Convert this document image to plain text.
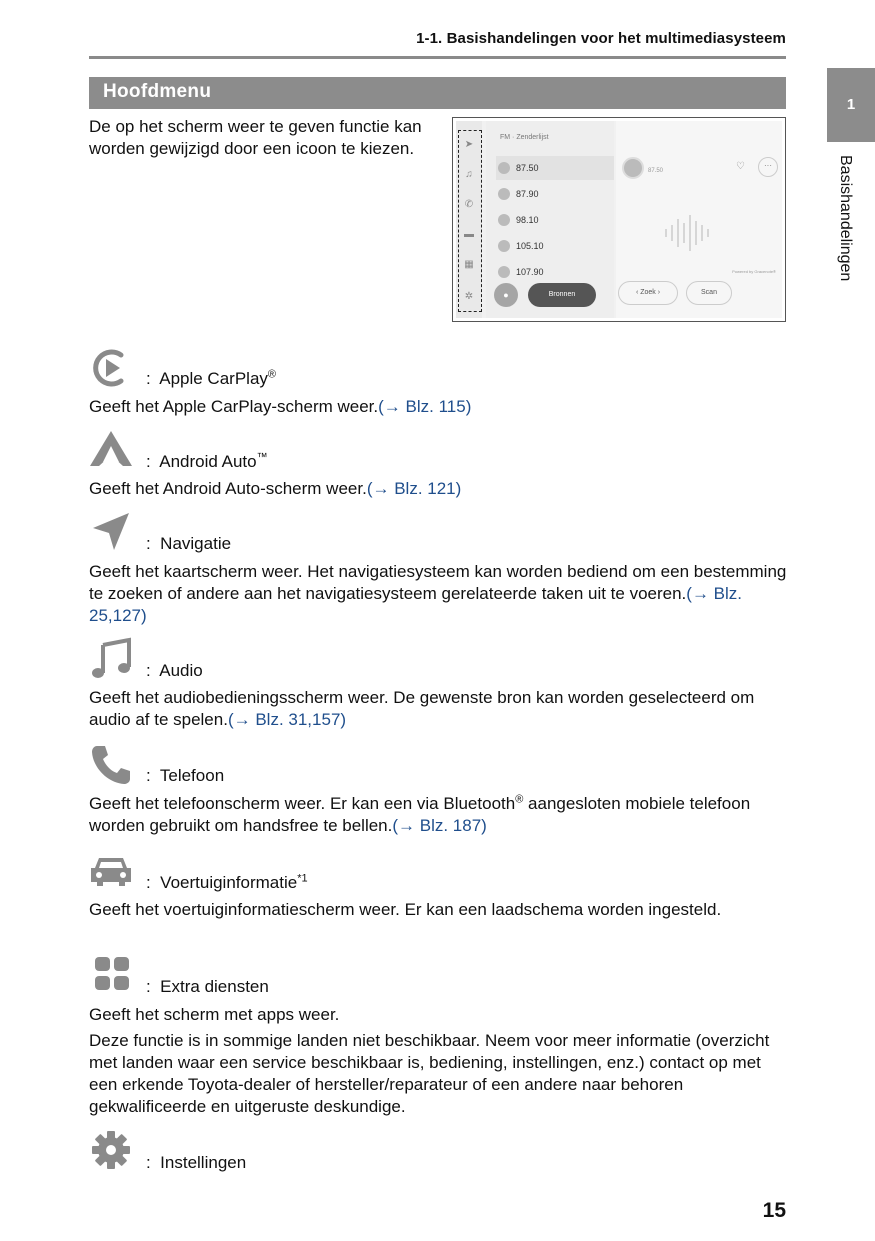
1-1. Basishandelingen voor het multimediasysteem
Hoofdmenu
1
Basishandelingen
De op het scherm weer te geven functie kan worden gewijzigd door een icoon te kiezen.	➤
♫
✆
▬
▦
✲
FM · Zenderlijst
87.50
87.90
98.10
105.10
107.90
●	Bronnen
87.50	♡	···
Powered by Gracenote®
‹ Zoek ›	Scan
:  Apple CarPlay®
Geeft het Apple CarPlay-scherm weer.(→ Blz. 115)
:  Android Auto™
Geeft het Android Auto-scherm weer.(→ Blz. 121)
:  Navigatie
Geeft het kaartscherm weer. Het navigatiesysteem kan worden bediend om een bestemming te zoeken of andere aan het navigatiesysteem gerelateerde taken uit te voeren.(→ Blz. 25,127)
:  Audio
Geeft het audiobedieningsscherm weer. De gewenste bron kan worden geselecteerd om audio af te spelen.(→ Blz. 31,157)
:  Telefoon
Geeft het telefoonscherm weer. Er kan een via Bluetooth® aangesloten mobiele telefoon worden gebruikt om handsfree te bellen.(→ Blz. 187)
:  Voertuiginformatie$^{*1}$
Geeft het voertuiginformatiescherm weer. Er kan een laadschema worden ingesteld.
:  Extra diensten
Geeft het scherm met apps weer.
Deze functie is in sommige landen niet beschikbaar. Neem voor meer informatie (overzicht met landen waar een service beschikbaar is, bediening, instellingen, enz.) contact op met een erkende Toyota-dealer of hersteller/reparateur of een andere naar behoren gekwalificeerde en uitgeruste deskundige.
:  Instellingen
15
